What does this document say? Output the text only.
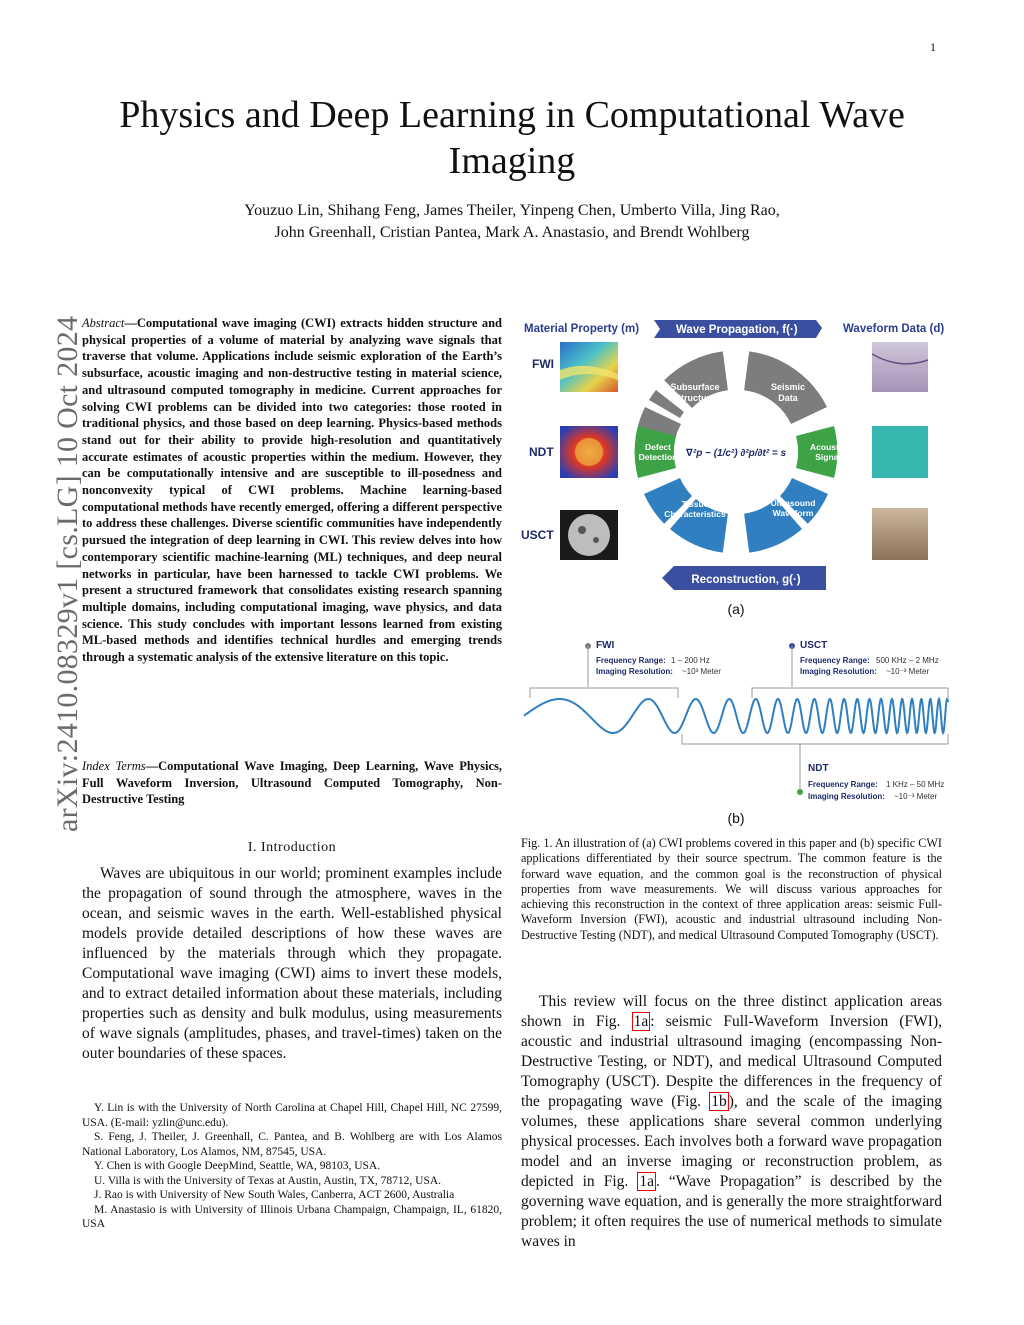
1
arXiv:2410.08329v1 [cs.LG] 10 Oct 2024
Physics and Deep Learning in Computational Wave Imaging
Youzuo Lin, Shihang Feng, James Theiler, Yinpeng Chen, Umberto Villa, Jing Rao,
John Greenhall, Cristian Pantea, Mark A. Anastasio, and Brendt Wohlberg
Abstract—Computational wave imaging (CWI) extracts hidden structure and physical properties of a volume of material by analyzing wave signals that traverse that volume. Applications include seismic exploration of the Earth’s subsurface, acoustic imaging and non-destructive testing in material science, and ultrasound computed tomography in medicine. Current approaches for solving CWI problems can be divided into two categories: those rooted in traditional physics, and those based on deep learning. Physics-based methods stand out for their ability to provide high-resolution and quantitatively accurate estimates of acoustic properties within the medium. However, they can be computationally intensive and are susceptible to ill-posedness and nonconvexity typical of CWI problems. Machine learning-based computational methods have recently emerged, offering a different perspective to address these challenges. Diverse scientific communities have independently pursued the integration of deep learning in CWI. This review delves into how contemporary scientific machine-learning (ML) techniques, and deep neural networks in particular, have been harnessed to tackle CWI problems. We present a structured framework that consolidates existing research spanning multiple domains, including computational imaging, wave physics, and data science. This study concludes with important lessons learned from existing ML-based methods and identifies technical hurdles and emerging trends through a systematic analysis of the extensive literature on this topic.
Index Terms—Computational Wave Imaging, Deep Learning, Wave Physics, Full Waveform Inversion, Ultrasound Computed Tomography, Non-Destructive Testing
I. Introduction
Waves are ubiquitous in our world; prominent examples include the propagation of sound through the atmosphere, waves in the ocean, and seismic waves in the earth. Well-established physical models provide detailed descriptions of how these waves are influenced by the materials through which they propagate. Computational wave imaging (CWI) aims to invert these models, and to extract detailed information about these materials, including properties such as density and bulk modulus, using measurements of wave signals (amplitudes, phases, and travel-times) taken on the outer boundaries of these spaces.

Y. Lin is with the University of North Carolina at Chapel Hill, Chapel Hill, NC 27599, USA. (E-mail: yzlin@unc.edu).

S. Feng, J. Theiler, J. Greenhall, C. Pantea, and B. Wohlberg are with Los Alamos National Laboratory, Los Alamos, NM, 87545, USA.

Y. Chen is with Google DeepMind, Seattle, WA, 98103, USA.

U. Villa is with the University of Texas at Austin, Austin, TX, 78712, USA.

J. Rao is with University of New South Wales, Canberra, ACT 2600, Australia

M. Anastasio is with University of Illinois Urbana Champaign, Champaign, IL, 61820, USA

Material Property (m)	Wave Propagation, f(·)	Waveform Data (d)
FWI
NDT
USCT
Subsurface
Structure
Seismic
Data
Defect
Detection
Acoustic
Signal
Tissue
Characteristics
Ultrasound
Waveform
∇²p − (1/c²) ∂²p/∂t² = s
Reconstruction, g(·)
(a)
FWI
Frequency Range: 1 – 200 Hz
Imaging Resolution: ~10³ Meter
USCT
Frequency Range: 500 KHz – 2 MHz
Imaging Resolution: ~10⁻³ Meter
NDT
Frequency Range: 1 KHz – 50 MHz
Imaging Resolution: ~10⁻³ Meter
(b)
Fig. 1. An illustration of (a) CWI problems covered in this paper and (b) specific CWI applications differentiated by their source spectrum. The common feature is the forward wave equation, and the common goal is the reconstruction of physical properties from wave measurements. We will discuss various approaches for achieving this reconstruction in the context of three application areas: seismic Full-Waveform Inversion (FWI), acoustic and industrial ultrasound including Non-Destructive Testing (NDT), and medical Ultrasound Computed Tomography (USCT).
This review will focus on the three distinct application areas shown in Fig. 1a : seismic Full-Waveform Inversion (FWI), acoustic and industrial ultrasound imaging (encompassing Non-Destructive Testing, or NDT), and medical Ultrasound Computed Tomography (USCT). Despite the differences in the frequency of the propagating wave (Fig. 1b ), and the scale of the imaging volumes, these applications share several common underlying physical processes. Each involves both a forward wave propagation model and an inverse imaging or reconstruction problem, as depicted in Fig. 1a . “Wave Propagation” is described by the governing wave equation, and is generally the more straightforward problem; it often requires the use of numerical methods to simulate waves in
